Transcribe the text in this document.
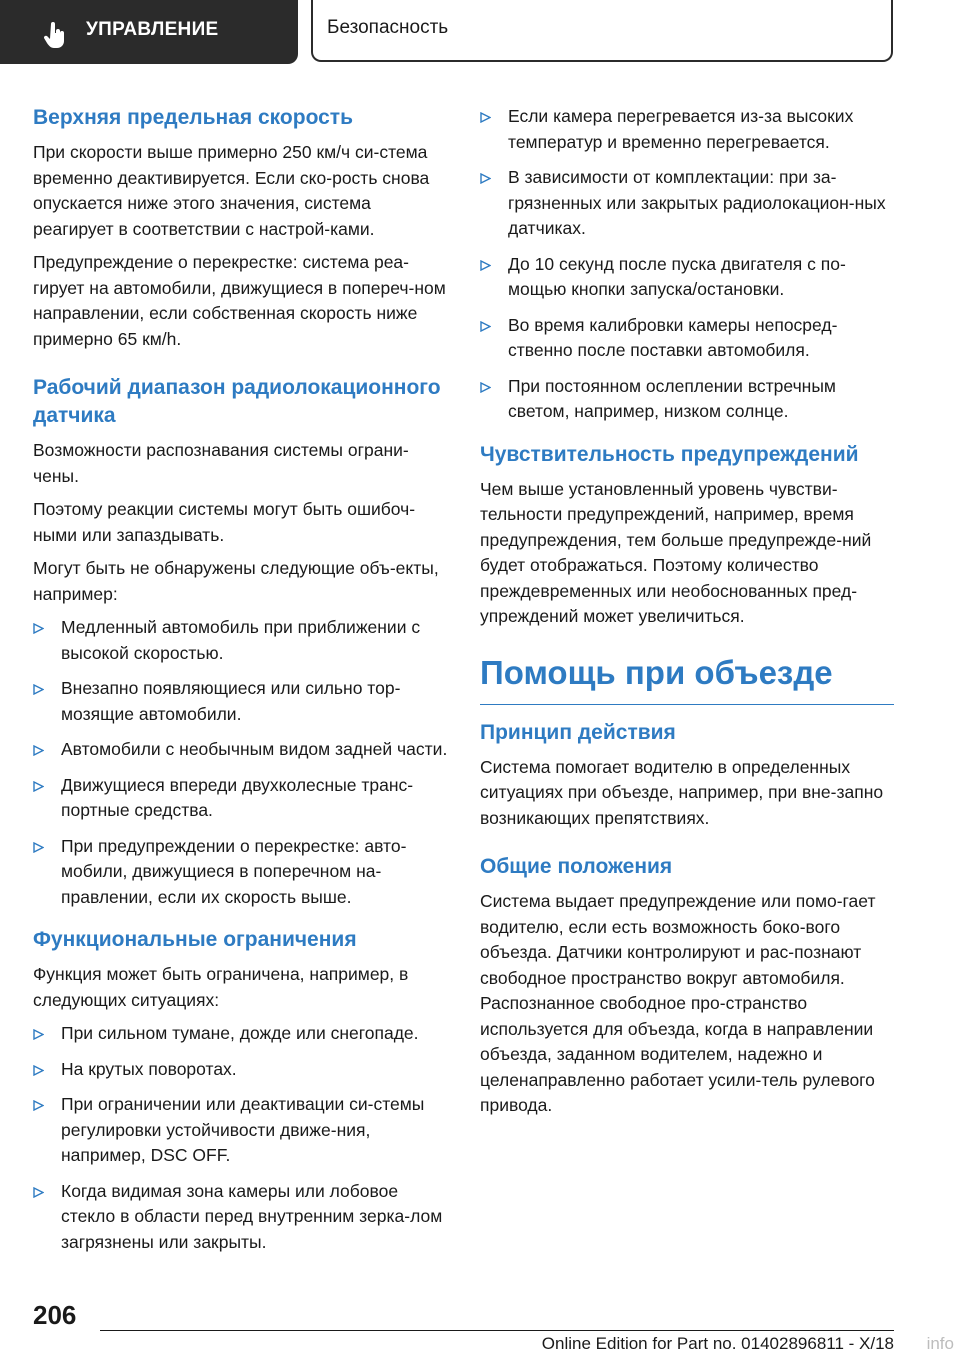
УПРАВЛЕНИЕ	Безопасность
Верхняя предельная скорость

При скорости выше примерно 250 км/ч си-стема временно деактивируется. Если ско-рость снова опускается ниже этого значения, система реагирует в соответствии с настрой-ками.

Предупреждение о перекрестке: система реа-гирует на автомобили, движущиеся в попереч-ном направлении, если собственная скорость ниже примерно 65 км/h.

Рабочий диапазон радиолокационного датчика

Возможности распознавания системы ограни-чены.

Поэтому реакции системы могут быть ошибоч-ными или запаздывать.

Могут быть не обнаружены следующие объ-екты, например:

Медленный автомобиль при приближении с высокой скоростью.
Внезапно появляющиеся или сильно тор-мозящие автомобили.
Автомобили с необычным видом задней части.
Движущиеся впереди двухколесные транс-портные средства.
При предупреждении о перекрестке: авто-мобили, движущиеся в поперечном на-правлении, если их скорость выше.
Функциональные ограничения

Функция может быть ограничена, например, в следующих ситуациях:

При сильном тумане, дожде или снегопаде.
На крутых поворотах.
При ограничении или деактивации си-стемы регулировки устойчивости движе-ния, например, DSC OFF.
Когда видимая зона камеры или лобовое стекло в области перед внутренним зерка-лом загрязнены или закрыты.
Если камера перегревается из-за высоких температур и временно перегревается.
В зависимости от комплектации: при за-грязненных или закрытых радиолокацион-ных датчиках.
До 10 секунд после пуска двигателя с по-мощью кнопки запуска/остановки.
Во время калибровки камеры непосред-ственно после поставки автомобиля.
При постоянном ослеплении встречным светом, например, низком солнце.
Чувствительность предупреждений

Чем выше установленный уровень чувстви-тельности предупреждений, например, время предупреждения, тем больше предупрежде-ний будет отображаться. Поэтому количество преждевременных или необоснованных пред-упреждений может увеличиться.

Помощь при объезде
Принцип действия

Система помогает водителю в определенных ситуациях при объезде, например, при вне-запно возникающих препятствиях.

Общие положения

Система выдает предупреждение или помо-гает водителю, если есть возможность боко-вого объезда. Датчики контролируют и рас-познают свободное пространство вокруг автомобиля. Распознанное свободное про-странство используется для объезда, когда в направлении объезда, заданном водителем, надежно и целенаправленно работает усили-тель рулевого привода.

206
Online Edition for Part no. 01402896811 - X/18 info
